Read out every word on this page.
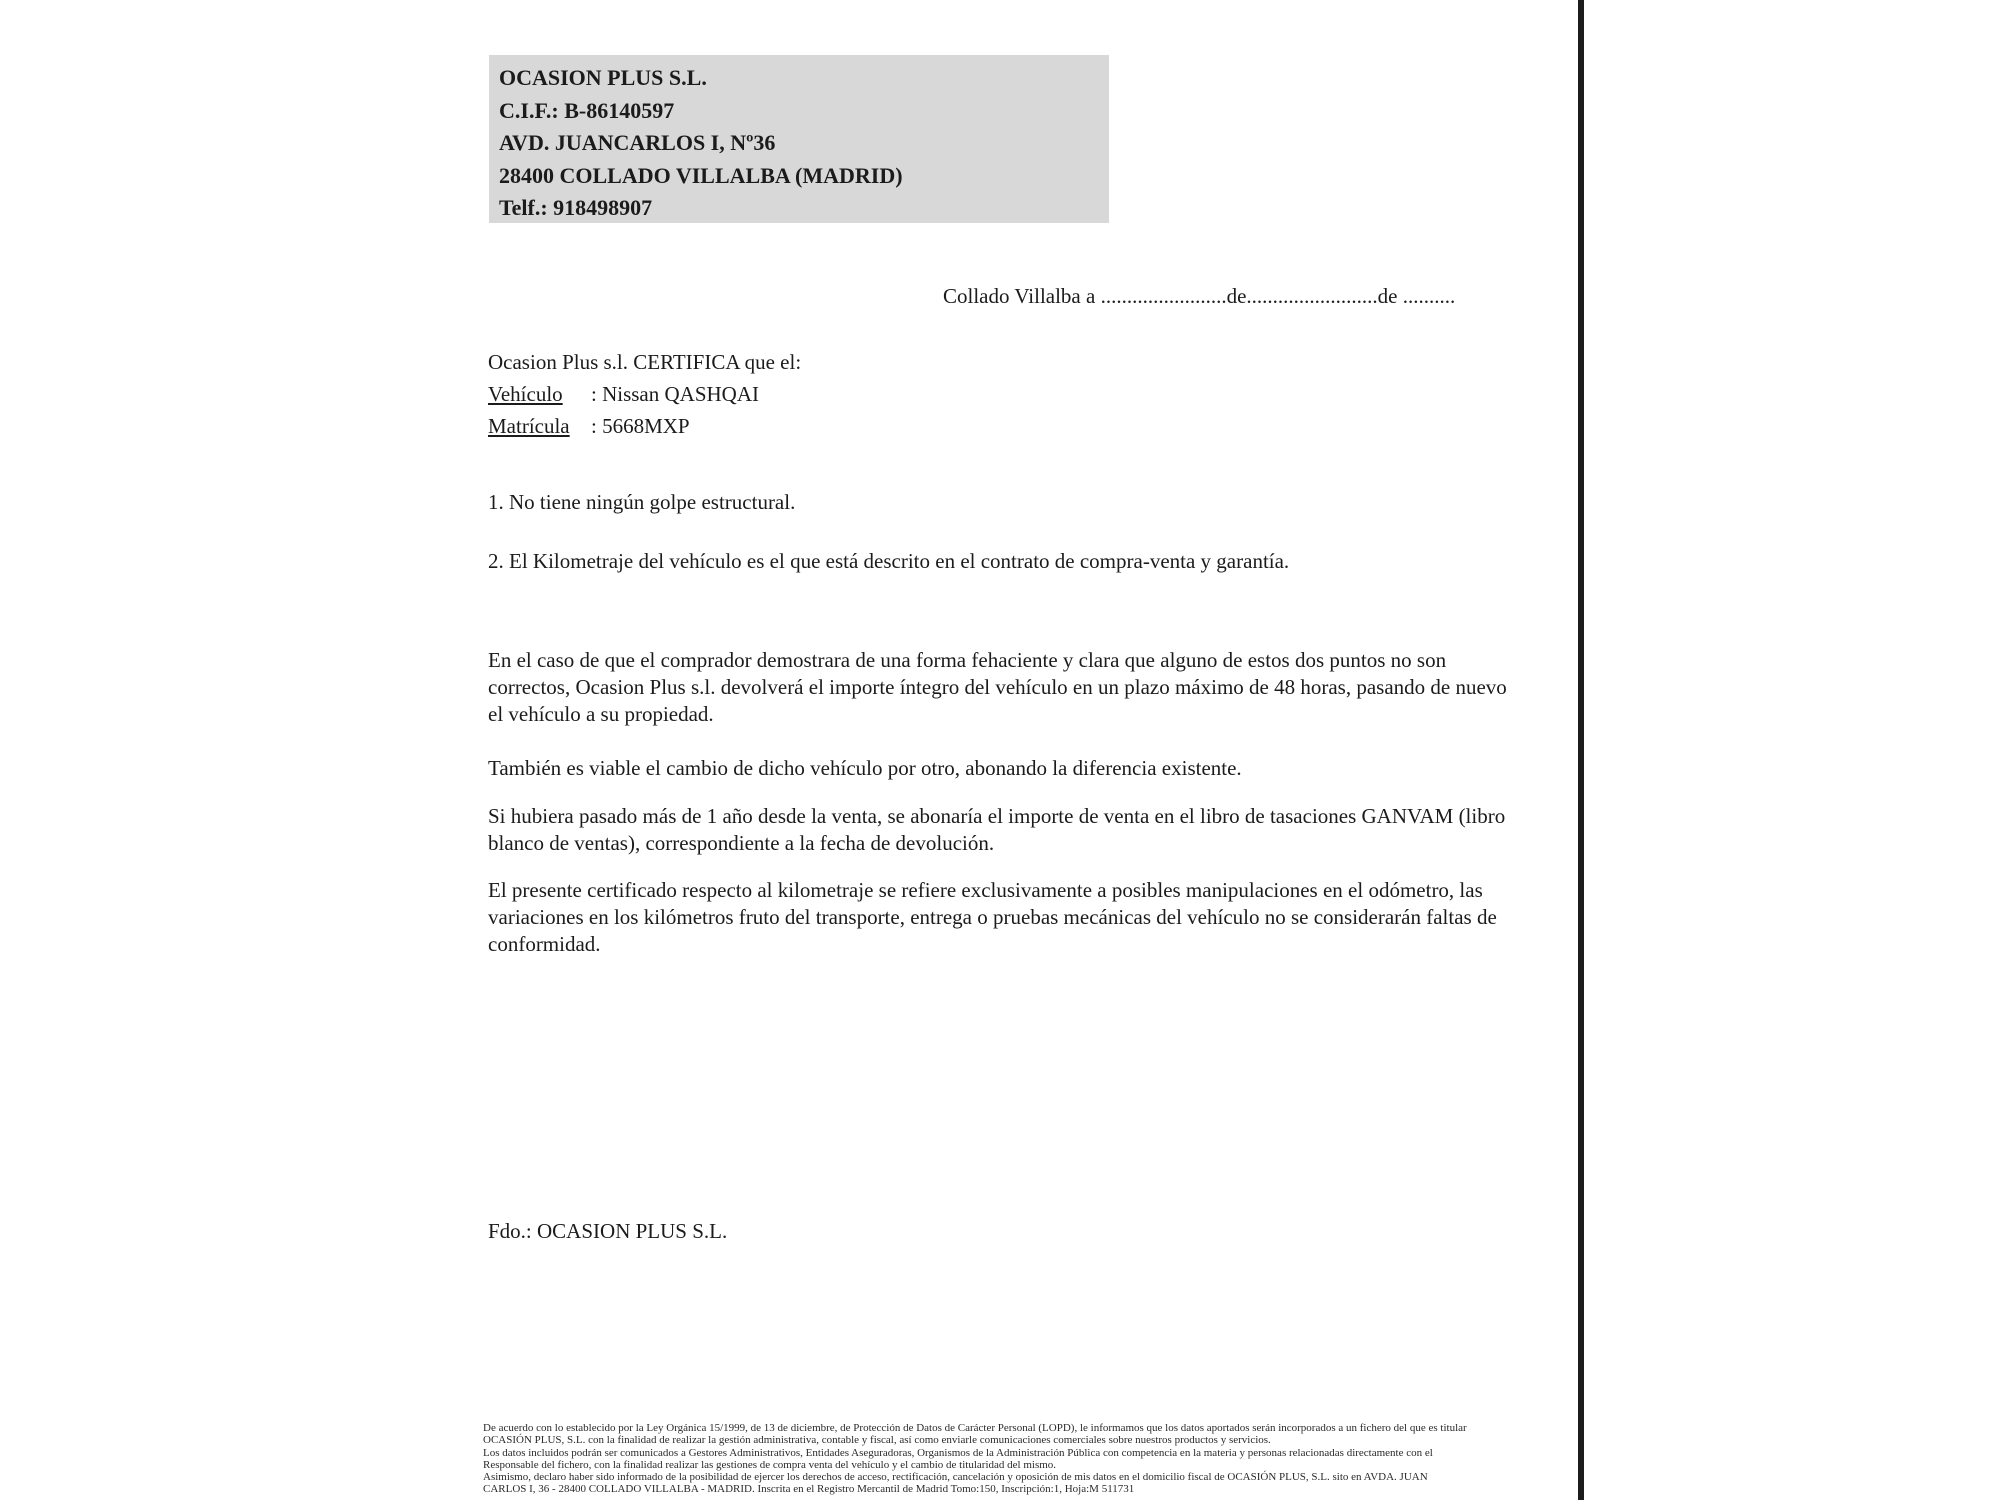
OCASION PLUS S.L.
C.I.F.: B-86140597
AVD. JUANCARLOS I, Nº36
28400 COLLADO VILLALBA (MADRID)
Telf.: 918498907
Collado Villalba a ........................de.........................de ..........
Ocasion Plus s.l. CERTIFICA que el:
Vehículo : Nissan QASHQAI
Matrícula : 5668MXP
1. No tiene ningún golpe estructural.
2. El Kilometraje del vehículo es el que está descrito en el contrato de compra-venta y garantía.
En el caso de que el comprador demostrara de una forma fehaciente y clara que alguno de estos dos puntos no son correctos, Ocasion Plus s.l. devolverá el importe íntegro del vehículo en un plazo máximo de 48 horas, pasando de nuevo el vehículo a su propiedad.
También es viable el cambio de dicho vehículo por otro, abonando la diferencia existente.
Si hubiera pasado más de 1 año desde la venta, se abonaría el importe de venta en el libro de tasaciones GANVAM (libro blanco de ventas), correspondiente a la fecha de devolución.
El presente certificado respecto al kilometraje se refiere exclusivamente a posibles manipulaciones en el odómetro, las variaciones en los kilómetros fruto del transporte, entrega o pruebas mecánicas del vehículo no se considerarán faltas de conformidad.
Fdo.: OCASION PLUS S.L.
De acuerdo con lo establecido por la Ley Orgánica 15/1999, de 13 de diciembre, de Protección de Datos de Carácter Personal (LOPD), le informamos que los datos aportados serán incorporados a un fichero del que es titular
OCASIÓN PLUS, S.L. con la finalidad de realizar la gestión administrativa, contable y fiscal, así como enviarle comunicaciones comerciales sobre nuestros productos y servicios.
Los datos incluidos podrán ser comunicados a Gestores Administrativos, Entidades Aseguradoras, Organismos de la Administración Pública con competencia en la materia y personas relacionadas directamente con el
Responsable del fichero, con la finalidad realizar las gestiones de compra venta del vehículo y el cambio de titularidad del mismo.
Asimismo, declaro haber sido informado de la posibilidad de ejercer los derechos de acceso, rectificación, cancelación y oposición de mis datos en el domicilio fiscal de OCASIÓN PLUS, S.L. sito en AVDA. JUAN
CARLOS I, 36 - 28400 COLLADO VILLALBA - MADRID. Inscrita en el Registro Mercantil de Madrid Tomo:150, Inscripción:1, Hoja:M 511731
